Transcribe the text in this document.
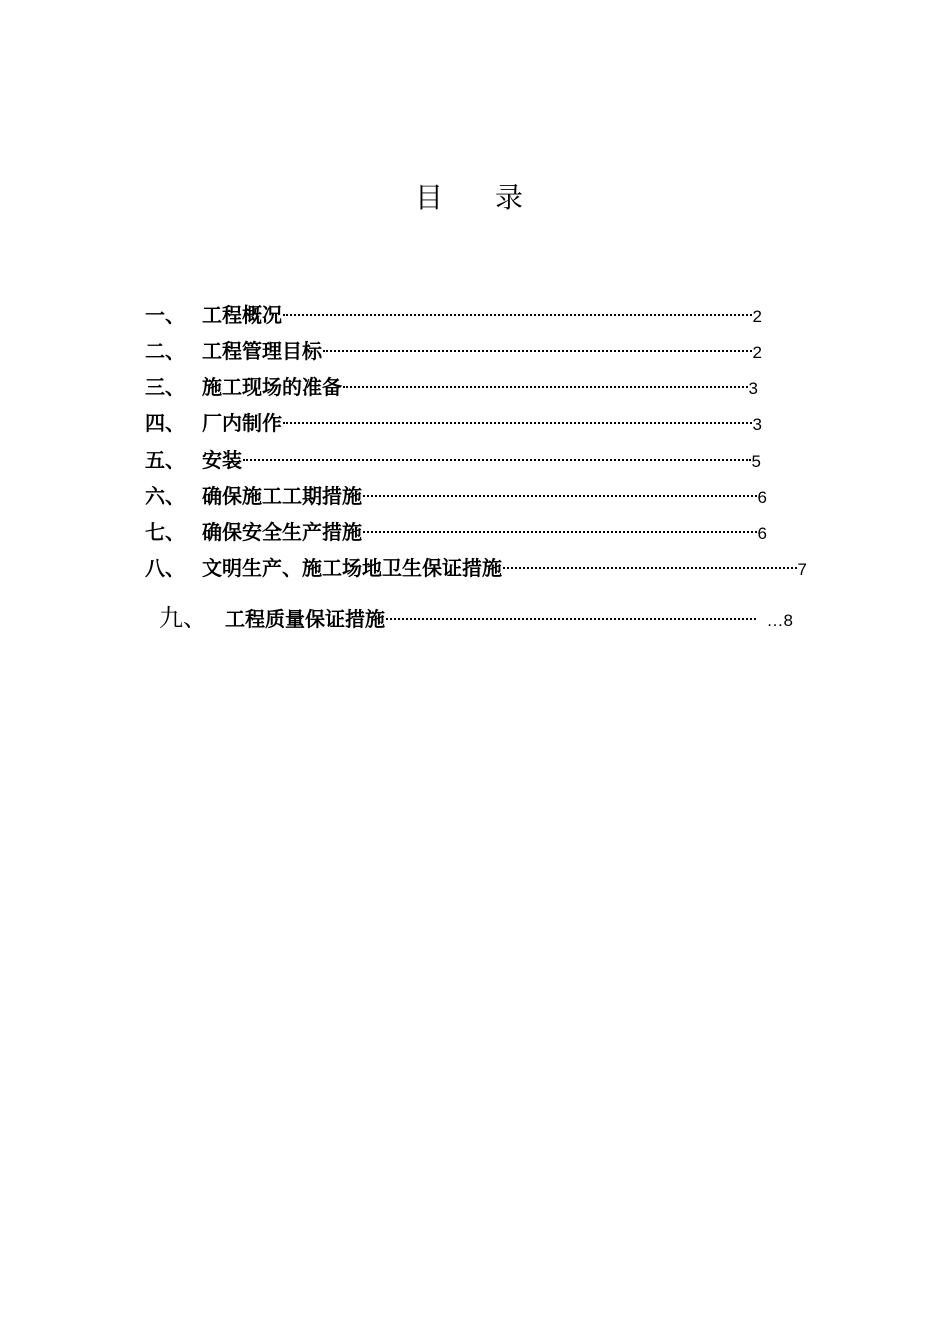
目录
一、 工程概况	2
二、 工程管理目标	2
三、 施工现场的准备	3
四、 厂内制作	3
五、 安装	5
六、 确保施工工期措施	6
七、 确保安全生产措施	6
八、 文明生产、施工场地卫生保证措施	7
九、 工程质量保证措施	…8
